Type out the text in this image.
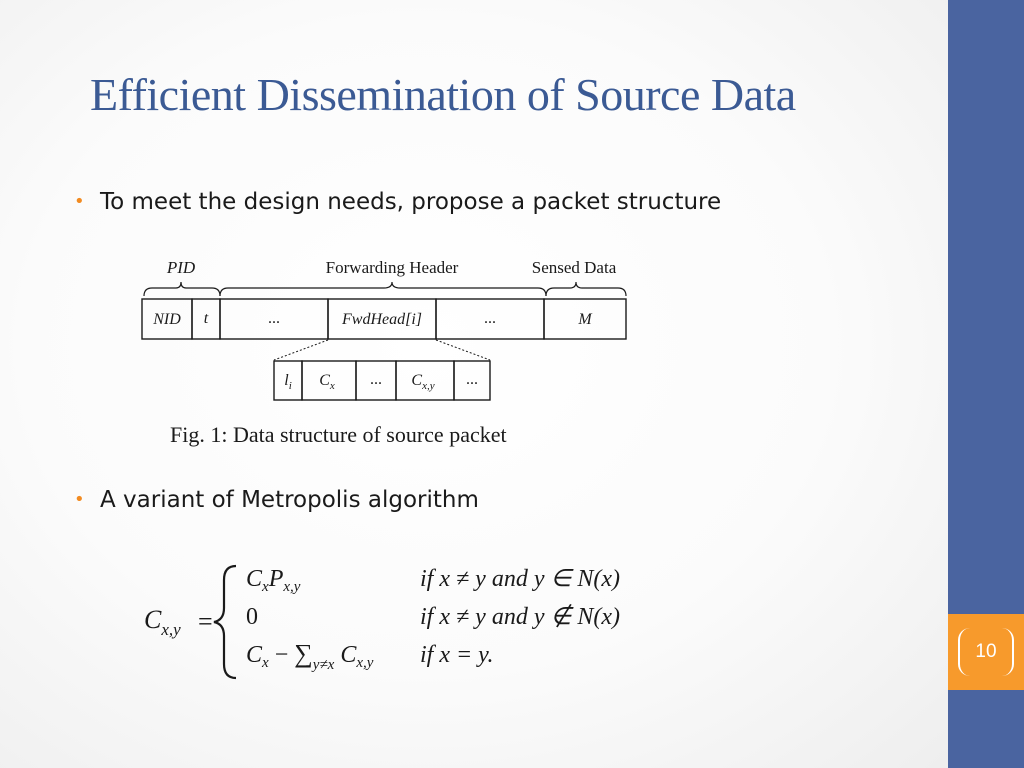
10
Efficient Dissemination of Source Data
• To meet the design needs, propose a packet structure
PID	Forwarding Header	Sensed Data
NID t	...	FwdHead[i]	...	M
$l_i$ $C_x$ ... $C_{x,y}$ ...
Fig. 1: Data structure of source packet
• A variant of Metropolis algorithm
$C_{x,y}$ =
$C_xP_{x,y}$
0
$C_x - \sum_{y\ne x}$ $C_{x,y}$
if x ≠ y and y ∈ N(x)
if x ≠ y and y ∉ N(x)
if x = y.
